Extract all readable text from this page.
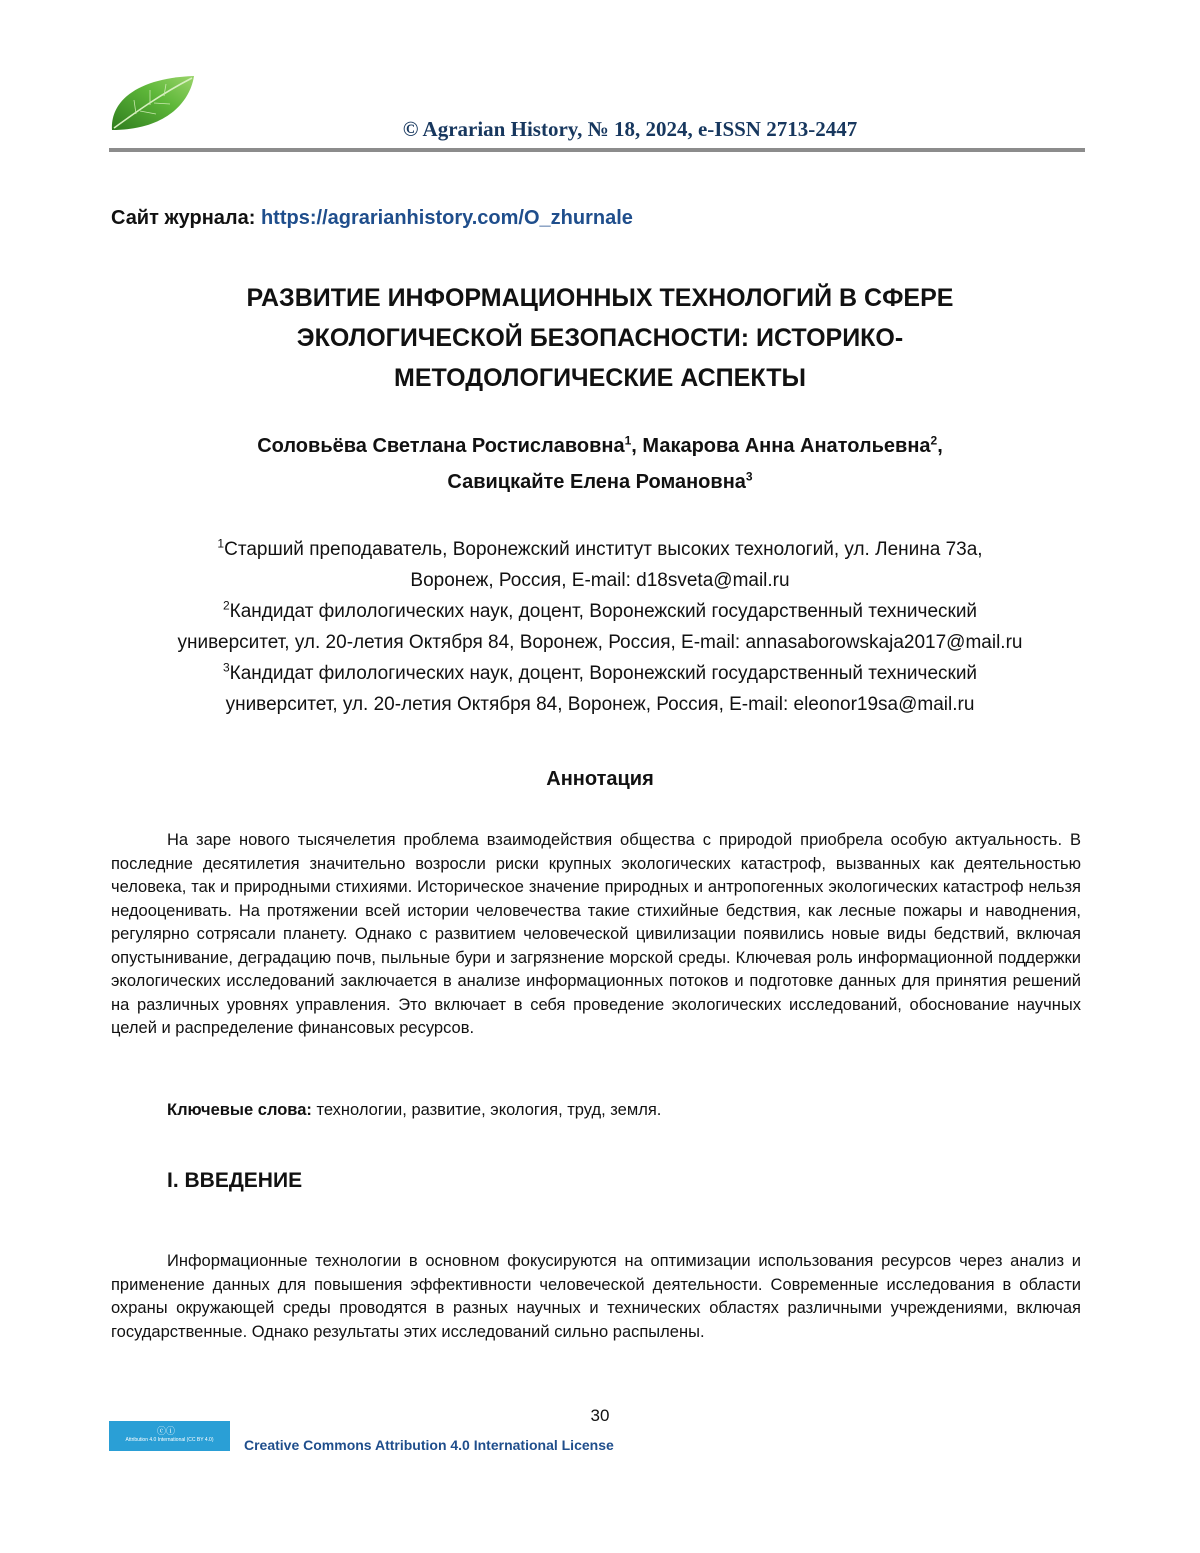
© Agrarian History, № 18, 2024, e-ISSN 2713-2447
Сайт журнала: https://agrarianhistory.com/O_zhurnale
РАЗВИТИЕ ИНФОРМАЦИОННЫХ ТЕХНОЛОГИЙ В СФЕРЕ
ЭКОЛОГИЧЕСКОЙ БЕЗОПАСНОСТИ: ИСТОРИКО-
МЕТОДОЛОГИЧЕСКИЕ АСПЕКТЫ
Соловьёва Светлана Ростиславовна$^1$, Макарова Анна Анатольевна$^2$,
Савицкайте Елена Романовна$^3$
$^1$Старший преподаватель, Воронежский институт высоких технологий, ул. Ленина 73а,
Воронеж, Россия, E-mail: d18sveta@mail.ru
$^2$Кандидат филологических наук, доцент, Воронежский государственный технический
университет, ул. 20-летия Октября 84, Воронеж, Россия, E-mail: annasaborowskaja2017@mail.ru
$^3$Кандидат филологических наук, доцент, Воронежский государственный технический
университет, ул. 20-летия Октября 84, Воронеж, Россия, E-mail: eleonor19sa@mail.ru
Аннотация
На заре нового тысячелетия проблема взаимодействия общества с природой приобрела особую актуальность. В последние десятилетия значительно возросли риски крупных экологических катастроф, вызванных как деятельностью человека, так и природными стихиями. Историческое значение природных и антропогенных экологических катастроф нельзя недооценивать. На протяжении всей истории человечества такие стихийные бедствия, как лесные пожары и наводнения, регулярно сотрясали планету. Однако с развитием человеческой цивилизации появились новые виды бедствий, включая опустынивание, деградацию почв, пыльные бури и загрязнение морской среды. Ключевая роль информационной поддержки экологических исследований заключается в анализе информационных потоков и подготовке данных для принятия решений на различных уровнях управления. Это включает в себя проведение экологических исследований, обоснование научных целей и распределение финансовых ресурсов.
Ключевые слова: технологии, развитие, экология, труд, земля.
I. ВВЕДЕНИЕ
Информационные технологии в основном фокусируются на оптимизации использования ресурсов через анализ и применение данных для повышения эффективности человеческой деятельности. Современные исследования в области охраны окружающей среды проводятся в разных научных и технических областях различными учреждениями, включая государственные. Однако результаты этих исследований сильно распылены.
30
ⓒⓘ
Attribution 4.0 International (CC BY 4.0)	Creative Commons Attribution 4.0 International License
